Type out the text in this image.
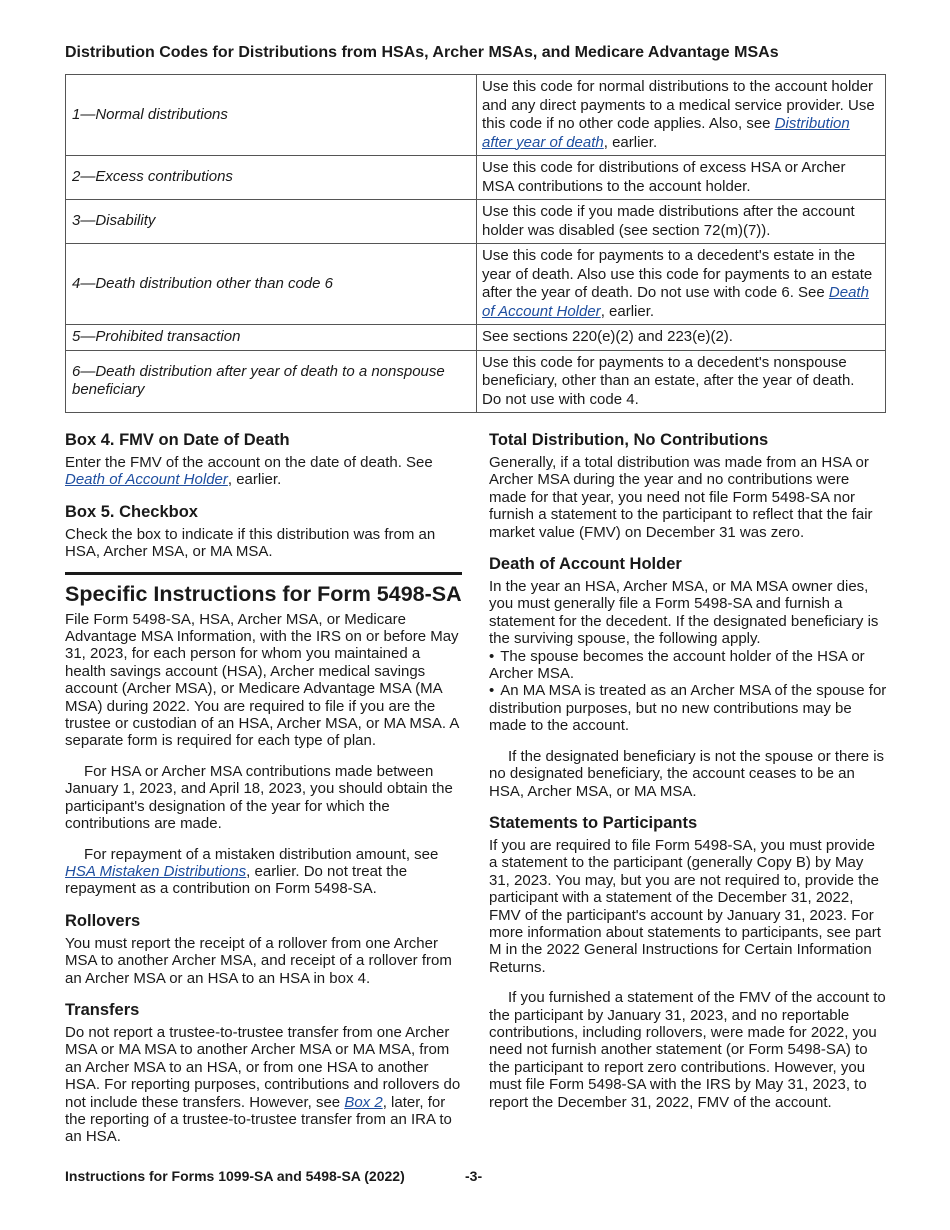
Distribution Codes for Distributions from HSAs, Archer MSAs, and Medicare Advantage MSAs
1—Normal distributions	Use this code for normal distributions to the account holder and any direct payments to a medical service provider. Use this code if no other code applies. Also, see Distribution after year of death, earlier.
2—Excess contributions	Use this code for distributions of excess HSA or Archer MSA contributions to the account holder.
3—Disability	Use this code if you made distributions after the account holder was disabled (see section 72(m)(7)).
4—Death distribution other than code 6	Use this code for payments to a decedent's estate in the year of death. Also use this code for payments to an estate after the year of death. Do not use with code 6. See Death of Account Holder, earlier.
5—Prohibited transaction	See sections 220(e)(2) and 223(e)(2).
6—Death distribution after year of death to a nonspouse beneficiary	Use this code for payments to a decedent's nonspouse beneficiary, other than an estate, after the year of death. Do not use with code 4.
Box 4. FMV on Date of Death

Enter the FMV of the account on the date of death. See Death of Account Holder, earlier.

Box 5. Checkbox

Check the box to indicate if this distribution was from an HSA, Archer MSA, or MA MSA.

Specific Instructions for Form 5498-SA

File Form 5498-SA, HSA, Archer MSA, or Medicare Advantage MSA Information, with the IRS on or before May 31, 2023, for each person for whom you maintained a health savings account (HSA), Archer medical savings account (Archer MSA), or Medicare Advantage MSA (MA MSA) during 2022. You are required to file if you are the trustee or custodian of an HSA, Archer MSA, or MA MSA. A separate form is required for each type of plan.

For HSA or Archer MSA contributions made between January 1, 2023, and April 18, 2023, you should obtain the participant's designation of the year for which the contributions are made.

For repayment of a mistaken distribution amount, see HSA Mistaken Distributions, earlier. Do not treat the repayment as a contribution on Form 5498-SA.

Rollovers

You must report the receipt of a rollover from one Archer MSA to another Archer MSA, and receipt of a rollover from an Archer MSA or an HSA to an HSA in box 4.

Transfers

Do not report a trustee-to-trustee transfer from one Archer MSA or MA MSA to another Archer MSA or MA MSA, from an Archer MSA to an HSA, or from one HSA to another HSA. For reporting purposes, contributions and rollovers do not include these transfers. However, see Box 2, later, for the reporting of a trustee-to-trustee transfer from an IRA to an HSA.

Total Distribution, No Contributions

Generally, if a total distribution was made from an HSA or Archer MSA during the year and no contributions were made for that year, you need not file Form 5498-SA nor furnish a statement to the participant to reflect that the fair market value (FMV) on December 31 was zero.

Death of Account Holder

In the year an HSA, Archer MSA, or MA MSA owner dies, you must generally file a Form 5498-SA and furnish a statement for the decedent. If the designated beneficiary is the surviving spouse, the following apply.

• The spouse becomes the account holder of the HSA or Archer MSA.

• An MA MSA is treated as an Archer MSA of the spouse for distribution purposes, but no new contributions may be made to the account.

If the designated beneficiary is not the spouse or there is no designated beneficiary, the account ceases to be an HSA, Archer MSA, or MA MSA.

Statements to Participants

If you are required to file Form 5498-SA, you must provide a statement to the participant (generally Copy B) by May 31, 2023. You may, but you are not required to, provide the participant with a statement of the December 31, 2022, FMV of the participant's account by January 31, 2023. For more information about statements to participants, see part M in the 2022 General Instructions for Certain Information Returns.

If you furnished a statement of the FMV of the account to the participant by January 31, 2023, and no reportable contributions, including rollovers, were made for 2022, you need not furnish another statement (or Form 5498-SA) to the participant to report zero contributions. However, you must file Form 5498-SA with the IRS by May 31, 2023, to report the December 31, 2022, FMV of the account.

Instructions for Forms 1099-SA and 5498-SA (2022)	-3-
